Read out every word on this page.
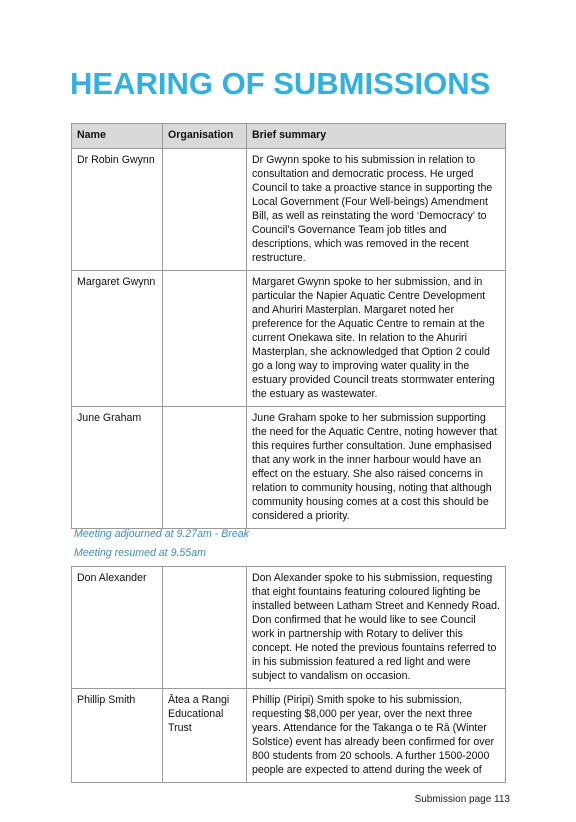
HEARING OF SUBMISSIONS
Name	Organisation	Brief summary
Dr Robin Gwynn		Dr Gwynn spoke to his submission in relation to consultation and democratic process. He urged Council to take a proactive stance in supporting the Local Government (Four Well-beings) Amendment Bill, as well as reinstating the word ‘Democracy’ to Council’s Governance Team job titles and descriptions, which was removed in the recent restructure.
Margaret Gwynn		Margaret Gwynn spoke to her submission, and in particular the Napier Aquatic Centre Development and Ahuriri Masterplan. Margaret noted her preference for the Aquatic Centre to remain at the current Onekawa site. In relation to the Ahuriri Masterplan, she acknowledged that Option 2 could go a long way to improving water quality in the estuary provided Council treats stormwater entering the estuary as wastewater.
June Graham		June Graham spoke to her submission supporting the need for the Aquatic Centre, noting however that this requires further consultation. June emphasised that any work in the inner harbour would have an effect on the estuary. She also raised concerns in relation to community housing, noting that although community housing comes at a cost this should be considered a priority.

Meeting adjourned at 9.27am - Break

Meeting resumed at 9.55am

Don Alexander		Don Alexander spoke to his submission, requesting that eight fountains featuring coloured lighting be installed between Latham Street and Kennedy Road. Don confirmed that he would like to see Council work in partnership with Rotary to deliver this concept. He noted the previous fountains referred to in his submission featured a red light and were subject to vandalism on occasion.
Phillip Smith	Ātea a Rangi Educational Trust	Phillip (Piripi) Smith spoke to his submission, requesting $8,000 per year, over the next three years. Attendance for the Takanga o te Rā (Winter Solstice) event has already been confirmed for over 800 students from 20 schools. A further 1500-2000 people are expected to attend during the week of

Submission page 113
